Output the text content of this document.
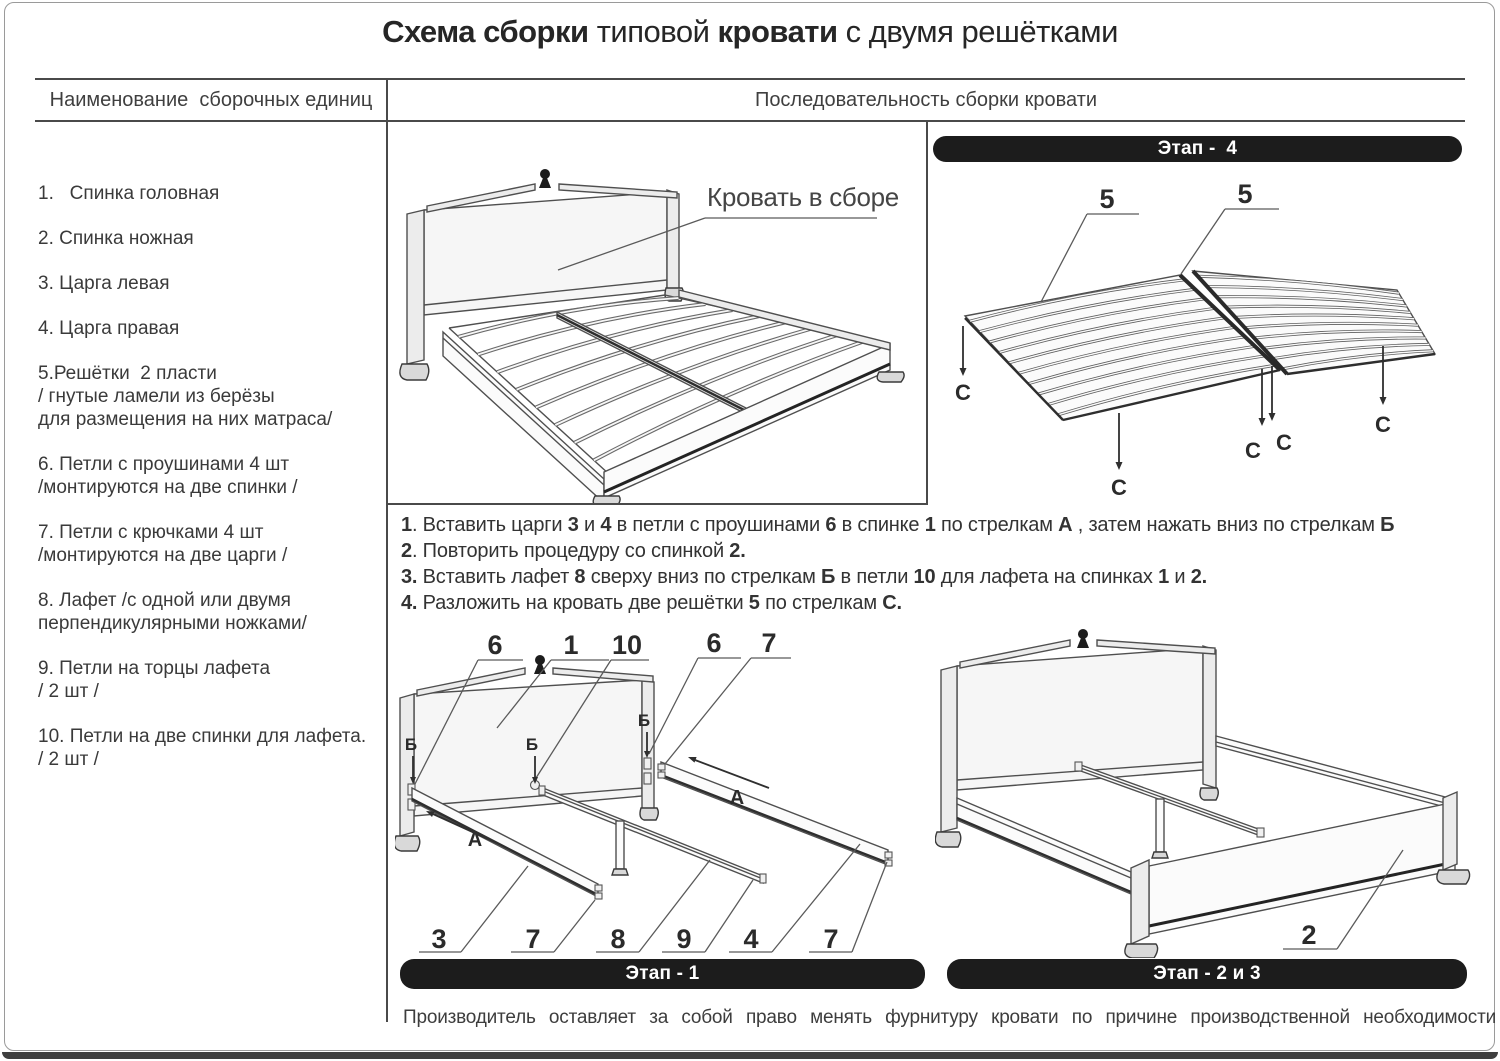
Схема сборки типовой кровати с двумя решётками
Наименование  сборочных единиц	Последовательность сборки кровати
1.   Спинка головная
2. Спинка ножная
3. Царга левая
4. Царга правая
5.Решётки  2 пласти
/ гнутые ламели из берёзы
для размещения на них матраса/
6. Петли с проушинами 4 шт
/монтируются на две спинки /
7. Петли с крючками 4 шт
/монтируются на две царги /
8. Лафет /с одной или двумя
перпендикулярными ножками/
9. Петли на торцы лафета
/ 2 шт /
10. Петли на две спинки для лафета.
/ 2 шт /
Кровать в сборе
Этап -  4
5	5
С
С
С С
С
1. Вставить царги 3 и 4 в петли с проушинами 6 в спинке 1 по стрелкам А , затем нажать вниз по стрелкам Б
2. Повторить процедуру со спинкой 2.
3. Вставить лафет 8 сверху вниз по стрелкам Б в петли 10 для лафета на спинках 1 и 2.
4. Разложить на кровать две решётки 5 по стрелкам С.
6 1 10 6 7
3	7	8 9 4 7
Б	Б
Б
А
А
2
Этап - 1	Этап - 2 и 3
Производитель оставляет за собой право менять фурнитуру кровати по причине производственной необходимости
